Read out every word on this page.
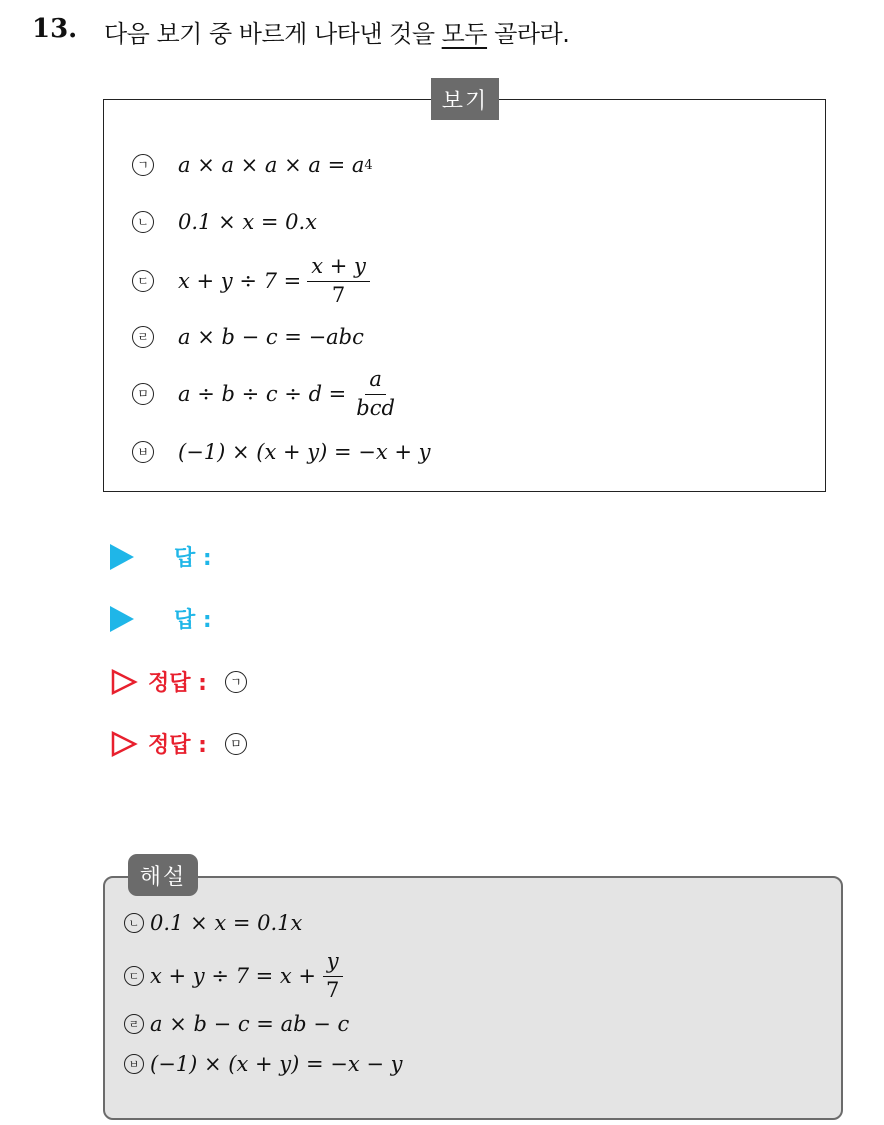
13. 다음 보기 중 바르게 나타낸 것을 모두 골라라.
보기
ㄱ a × a × a × a = a 4
ㄴ 0.1 × x = 0.x
ㄷ $x + y \div 7 = \frac{x + y}{7}$
ㄹ a × b − c = −abc
ㅁ $a \div b \div c \div d = \frac{a}{\text{bcd}}$
ㅂ (−1) × (x + y) = −x + y
답 :
답 :
정답 :	ㄱ
정답 :	ㅁ
해설
ㄴ 0.1 × x = 0.1x
ㄷ $x + y \div 7 = x + \frac{y}{7}$
ㄹ a × b − c = ab − c
ㅂ (−1) × (x + y) = −x − y
